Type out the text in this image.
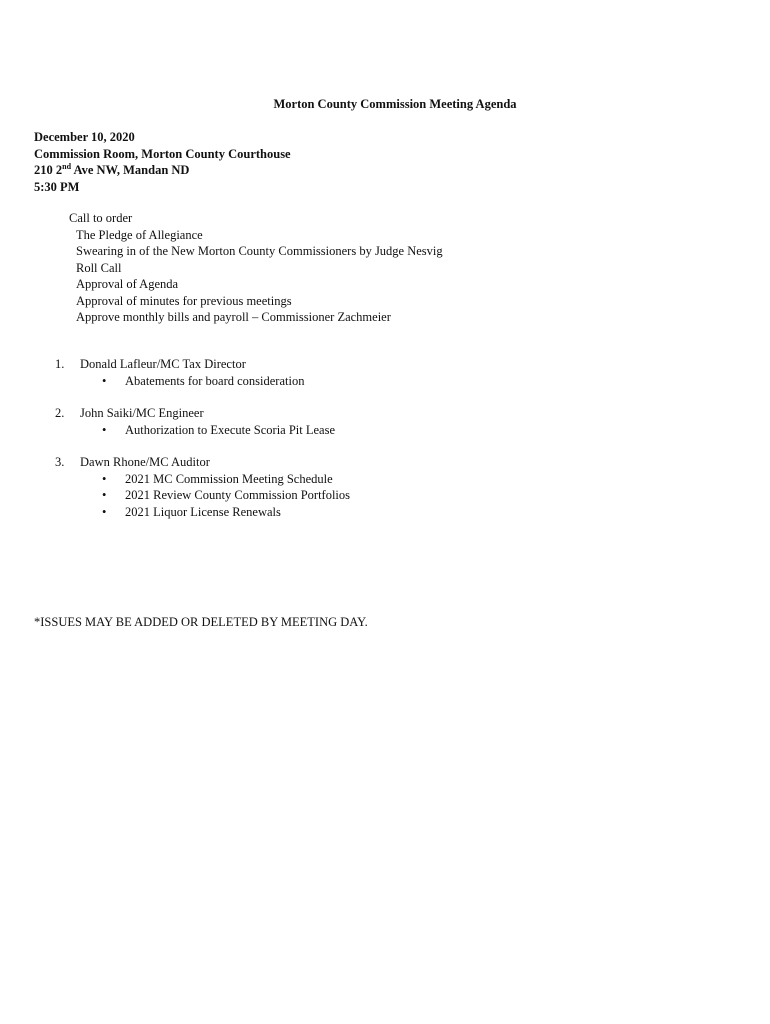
Morton County Commission Meeting Agenda
December 10, 2020
Commission Room, Morton County Courthouse
210 2nd Ave NW, Mandan ND
5:30 PM
Call to order
The Pledge of Allegiance
Swearing in of the New Morton County Commissioners by Judge Nesvig
Roll Call
Approval of Agenda
Approval of minutes for previous meetings
Approve monthly bills and payroll – Commissioner Zachmeier
1. Donald Lafleur/MC Tax Director
• Abatements for board consideration
2. John Saiki/MC Engineer
• Authorization to Execute Scoria Pit Lease
3. Dawn Rhone/MC Auditor
• 2021 MC Commission Meeting Schedule
• 2021 Review County Commission Portfolios
• 2021 Liquor License Renewals
*ISSUES MAY BE ADDED OR DELETED BY MEETING DAY.
